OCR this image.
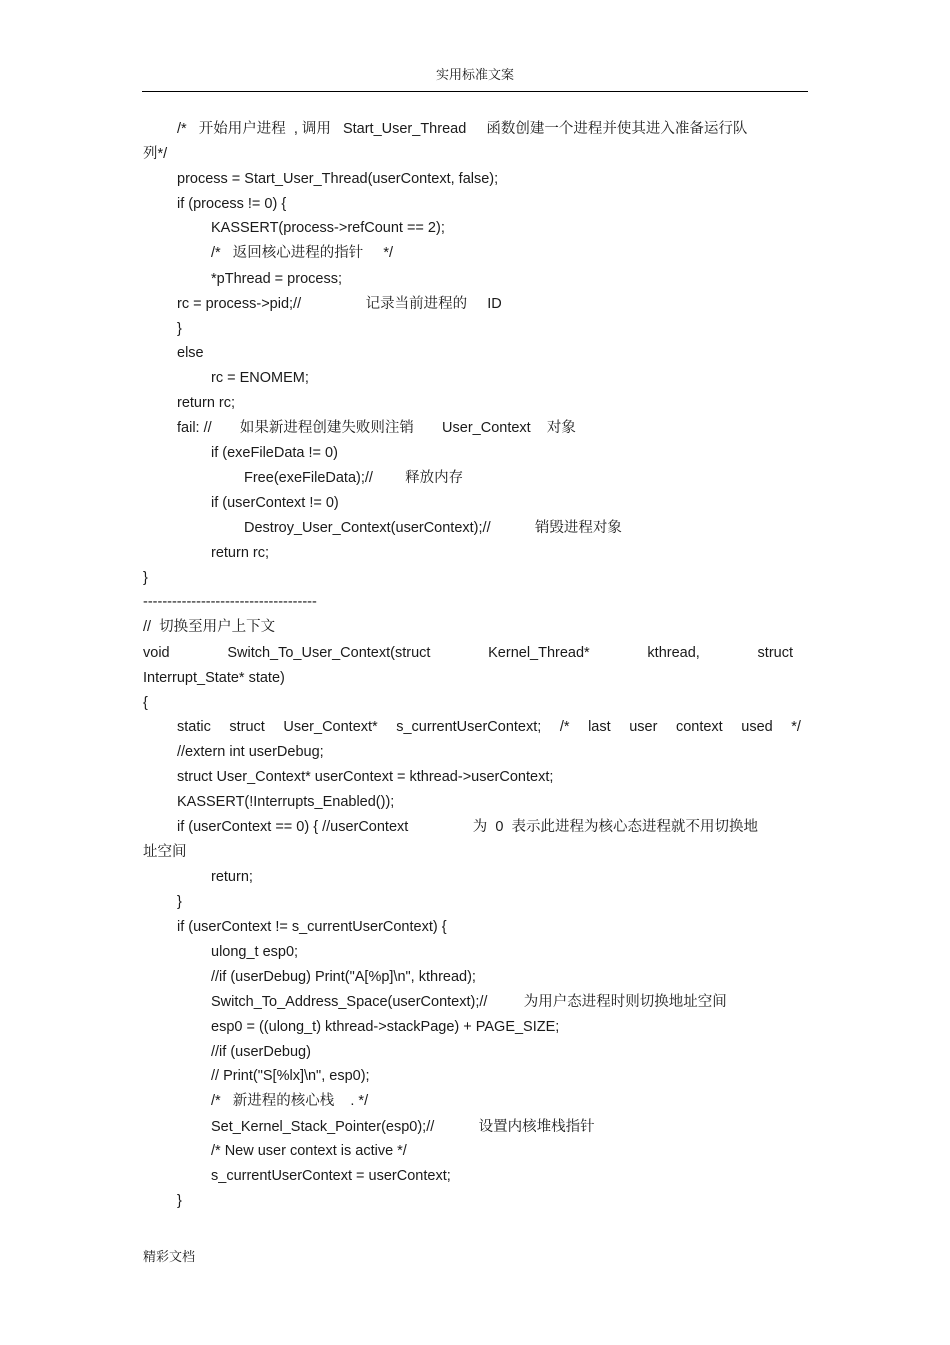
实用标准文案
/*   开始用户进程  , 调用   Start_User_Thread     函数创建一个进程并使其进入准备运行队
列*/
process = Start_User_Thread(userContext, false);
if (process != 0) {
KASSERT(process->refCount == 2);
/*   返回核心进程的指针     */
*pThread = process;
rc = process->pid;//                记录当前进程的     ID
}
else
rc = ENOMEM;
return rc;
fail: //       如果新进程创建失败则注销       User_Context    对象
if (exeFileData != 0)
Free(exeFileData);//        释放内存
if (userContext != 0)
Destroy_User_Context(userContext);//           销毁进程对象
return rc;
}
------------------------------------
//  切换至用户上下文
void	Switch_To_User_Context(struct	Kernel_Thread*	kthread,	struct
Interrupt_State* state)
{
static struct User_Context* s_currentUserContext; /* last user context used */
//extern int userDebug;
struct User_Context* userContext = kthread->userContext;
KASSERT(!Interrupts_Enabled());
if (userContext == 0) { //userContext                为  0  表示此进程为核心态进程就不用切换地
址空间
return;
}
if (userContext != s_currentUserContext) {
ulong_t esp0;
//if (userDebug) Print("A[%p]\n", kthread);
Switch_To_Address_Space(userContext);//         为用户态进程时则切换地址空间
esp0 = ((ulong_t) kthread->stackPage) + PAGE_SIZE;
//if (userDebug)
// Print("S[%lx]\n", esp0);
/*   新进程的核心栈    . */
Set_Kernel_Stack_Pointer(esp0);//           设置内核堆栈指针
/* New user context is active */
s_currentUserContext = userContext;
}
精彩文档
